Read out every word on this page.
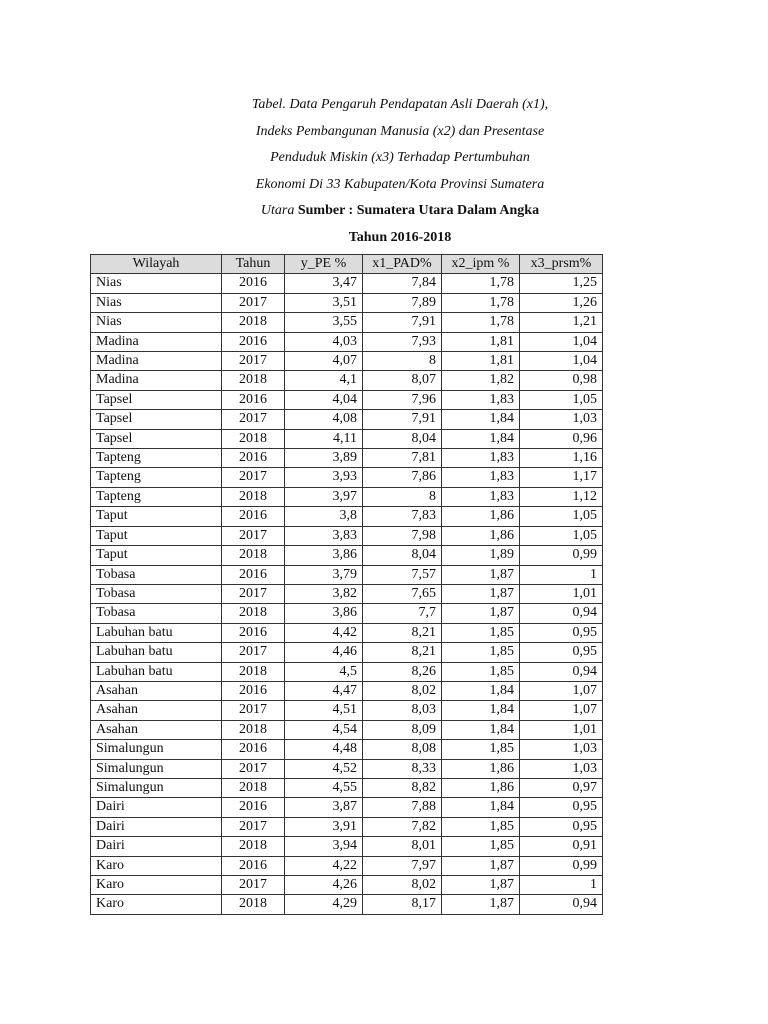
Tabel. Data Pengaruh Pendapatan Asli Daerah (x1),
Indeks Pembangunan Manusia (x2) dan Presentase
Penduduk Miskin (x3) Terhadap Pertumbuhan
Ekonomi Di 33 Kabupaten/Kota Provinsi Sumatera
Utara Sumber : Sumatera Utara Dalam Angka
Tahun 2016-2018
Wilayah	Tahun	y_PE %	x1_PAD%	x2_ipm %	x3_prsm%
Nias	2016	3,47	7,84	1,78	1,25
Nias	2017	3,51	7,89	1,78	1,26
Nias	2018	3,55	7,91	1,78	1,21
Madina	2016	4,03	7,93	1,81	1,04
Madina	2017	4,07	8	1,81	1,04
Madina	2018	4,1	8,07	1,82	0,98
Tapsel	2016	4,04	7,96	1,83	1,05
Tapsel	2017	4,08	7,91	1,84	1,03
Tapsel	2018	4,11	8,04	1,84	0,96
Tapteng	2016	3,89	7,81	1,83	1,16
Tapteng	2017	3,93	7,86	1,83	1,17
Tapteng	2018	3,97	8	1,83	1,12
Taput	2016	3,8	7,83	1,86	1,05
Taput	2017	3,83	7,98	1,86	1,05
Taput	2018	3,86	8,04	1,89	0,99
Tobasa	2016	3,79	7,57	1,87	1
Tobasa	2017	3,82	7,65	1,87	1,01
Tobasa	2018	3,86	7,7	1,87	0,94
Labuhan batu	2016	4,42	8,21	1,85	0,95
Labuhan batu	2017	4,46	8,21	1,85	0,95
Labuhan batu	2018	4,5	8,26	1,85	0,94
Asahan	2016	4,47	8,02	1,84	1,07
Asahan	2017	4,51	8,03	1,84	1,07
Asahan	2018	4,54	8,09	1,84	1,01
Simalungun	2016	4,48	8,08	1,85	1,03
Simalungun	2017	4,52	8,33	1,86	1,03
Simalungun	2018	4,55	8,82	1,86	0,97
Dairi	2016	3,87	7,88	1,84	0,95
Dairi	2017	3,91	7,82	1,85	0,95
Dairi	2018	3,94	8,01	1,85	0,91
Karo	2016	4,22	7,97	1,87	0,99
Karo	2017	4,26	8,02	1,87	1
Karo	2018	4,29	8,17	1,87	0,94
